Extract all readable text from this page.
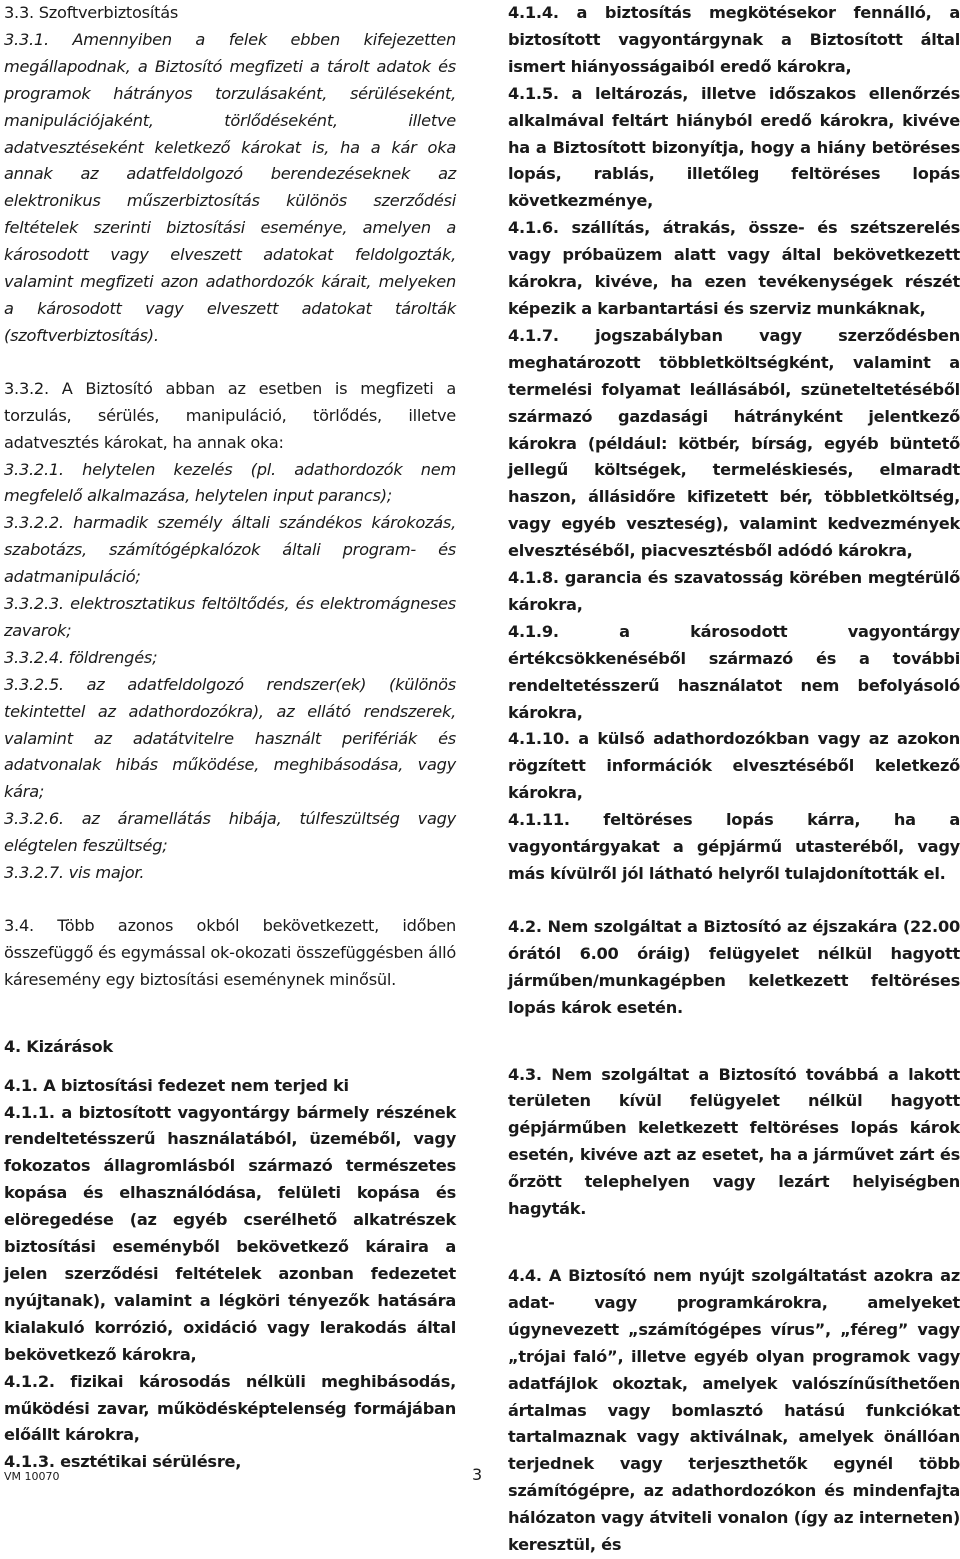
3.3. Szoftverbiztosítás

3.3.1. Amennyiben a felek ebben kifejezetten megállapodnak, a Biztosító megfizeti a tárolt adatok és programok hátrányos torzulásaként, sérüléseként, manipulációjaként, törlődéseként, illetve adatvesztéseként keletkező károkat is, ha a kár oka annak az adatfeldolgozó berendezéseknek az elektronikus műszerbiztosítás különös szerződési feltételek szerinti biztosítási eseménye, amelyen a károsodott vagy elveszett adatokat feldolgozták, valamint megfizeti azon adathordozók kárait, melyeken a károsodott vagy elveszett adatokat tárolták (szoftverbiztosítás).

3.3.2. A Biztosító abban az esetben is megfizeti a torzulás, sérülés, manipuláció, törlődés, illetve adatvesztés károkat, ha annak oka:

3.3.2.1. helytelen kezelés (pl. adathordozók nem megfelelő alkalmazása, helytelen input parancs);

3.3.2.2. harmadik személy általi szándékos károkozás, szabotázs, számítógépkalózok általi program- és adatmanipuláció;

3.3.2.3. elektrosztatikus feltöltődés, és elektromágneses zavarok;

3.3.2.4. földrengés;

3.3.2.5. az adatfeldolgozó rendszer(ek) (különös tekintettel az adathordozókra), az ellátó rendszerek, valamint az adatátvitelre használt perifériák és adatvonalak hibás működése, meghibásodása, vagy kára;

3.3.2.6. az áramellátás hibája, túlfeszültség vagy elégtelen feszültség;

3.3.2.7. vis major.

3.4. Több azonos okból bekövetkezett, időben összefüggő és egymással ok-okozati összefüggésben álló káresemény egy biztosítási eseménynek minősül.

4. Kizárások

4.1. A biztosítási fedezet nem terjed ki

4.1.1. a biztosított vagyontárgy bármely részének rendeltetésszerű használatából, üzeméből, vagy fokozatos állagromlásból származó természetes kopása és elhasználódása, felületi kopása és elöregedése (az egyéb cserélhető alkatrészek biztosítási eseményből bekövetkező káraira a jelen szerződési feltételek azonban fedezetet nyújtanak), valamint a légköri tényezők hatására kialakuló korrózió, oxidáció vagy lerakodás által bekövetkező károkra,

4.1.2. fizikai károsodás nélküli meghibásodás, működési zavar, működésképtelenség formájában előállt károkra,

4.1.3. esztétikai sérülésre,

4.1.4. a biztosítás megkötésekor fennálló, a biztosított vagyontárgynak a Biztosított által ismert hiányosságaiból eredő károkra,

4.1.5. a leltározás, illetve időszakos ellenőrzés alkalmával feltárt hiányból eredő károkra, kivéve ha a Biztosított bizonyítja, hogy a hiány betöréses lopás, rablás, illetőleg feltöréses lopás következménye,

4.1.6. szállítás, átrakás, össze- és szétszerelés vagy próbaüzem alatt vagy által bekövetkezett károkra, kivéve, ha ezen tevékenységek részét képezik a karbantartási és szerviz munkáknak,

4.1.7. jogszabályban vagy szerződésben meghatározott többletköltségként, valamint a termelési folyamat leállásából, szüneteltetéséből származó gazdasági hátrányként jelentkező károkra (például: kötbér, bírság, egyéb büntető jellegű költségek, termeléskiesés, elmaradt haszon, állásidőre kifizetett bér, többletköltség, vagy egyéb veszteség), valamint kedvezmények elvesztéséből, piacvesztésből adódó károkra,

4.1.8. garancia és szavatosság körében megtérülő károkra,

4.1.9. a károsodott vagyontárgy értékcsökkenéséből származó és a további rendeltetésszerű használatot nem befolyásoló károkra,

4.1.10. a külső adathordozókban vagy az azokon rögzített információk elvesztéséből keletkező károkra,

4.1.11. feltöréses lopás kárra, ha a vagyontárgyakat a gépjármű utasteréből, vagy más kívülről jól látható helyről tulajdonították el.

4.2. Nem szolgáltat a Biztosító az éjszakára (22.00 órától 6.00 óráig) felügyelet nélkül hagyott járműben/munkagépben keletkezett feltöréses lopás károk esetén.

4.3. Nem szolgáltat a Biztosító továbbá a lakott területen kívül felügyelet nélkül hagyott gépjárműben keletkezett feltöréses lopás károk esetén, kivéve azt az esetet, ha a járművet zárt és őrzött telephelyen vagy lezárt helyiségben hagyták.

4.4. A Biztosító nem nyújt szolgáltatást azokra az adat- vagy programkárokra, amelyeket úgynevezett „számítógépes vírus”, „féreg” vagy „trójai faló”, illetve egyéb olyan programok vagy adatfájlok okoztak, amelyek valószínűsíthetően ártalmas vagy bomlasztó hatású funkciókat tartalmaznak vagy aktiválnak, amelyek önállóan terjednek vagy terjeszthetők egynél több számítógépre, az adathordozókon és mindenfajta hálózaton vagy átviteli vonalon (így az interneten) keresztül, és

VM 10070	3
